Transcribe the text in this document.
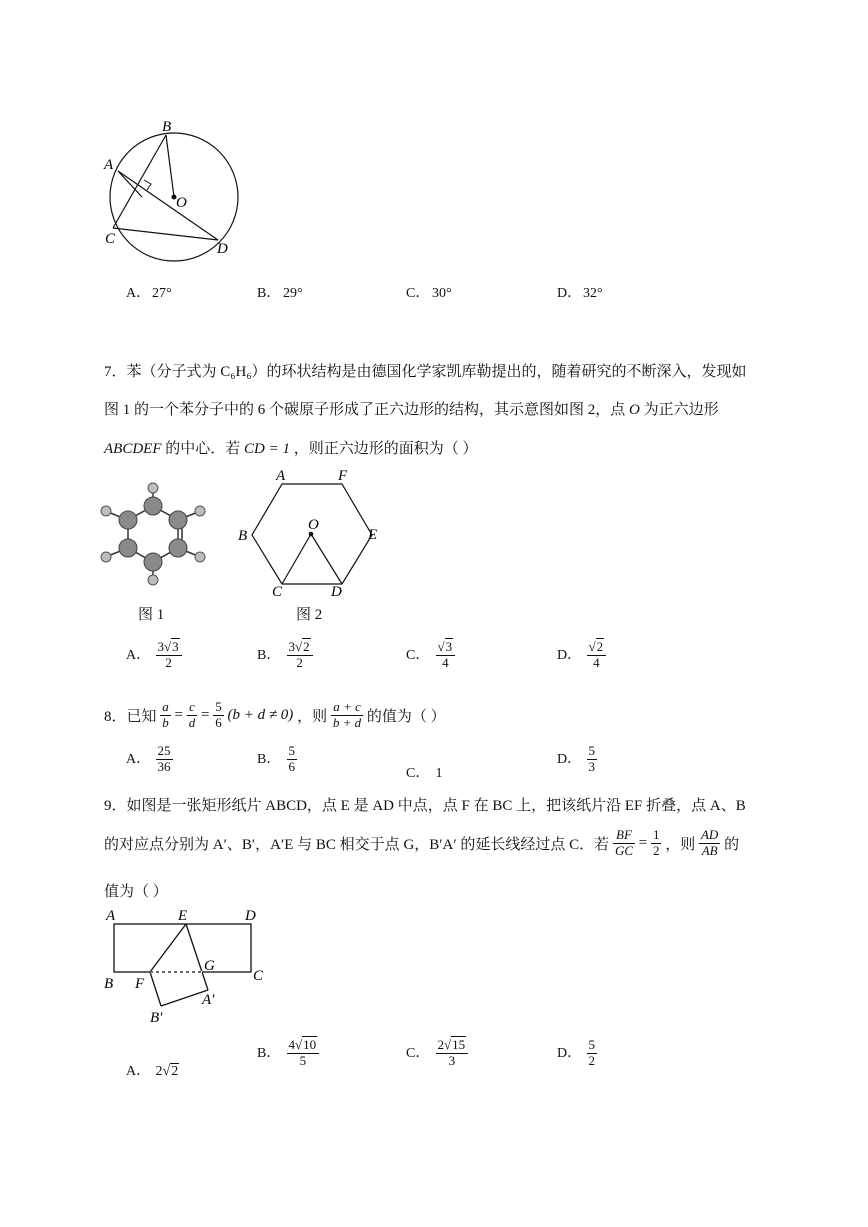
B
A
O
C
D
A． 27°	B． 29°	C． 30°	D． 32°
7．苯（分子式为 C₆H₆）的环状结构是由德国化学家凯库勒提出的，随着研究的不断深入，发现如
图 1 的一个苯分子中的 6 个碳原子形成了正六边形的结构，其示意图如图 2，点 O 为正六边形
ABCDEF 的中心．若 CD = 1 ，则正六边形的面积为（ ）
图 1
A	F
O
B	E
C	D
图 2
A． $\frac{3√3}{2}$	B． $\frac{3√2}{2}$	C． $\frac{√3}{4}$	D． $\frac{√2}{4}$
8．已知 $\frac{a}{b} = \frac{c}{d} = \frac{5}{6} (b + d \ne 0)$ ，则 $\frac{a + c}{b + d}$ 的值为（ ）
A． $\frac{25}{36}$	B． $\frac{5}{6}$	C． 1
D． $\frac{5}{3}$
9．如图是一张矩形纸片 ABCD，点 E 是 AD 中点，点 F 在 BC 上，把该纸片沿 EF 折叠，点 A、B
的对应点分别为 A′、B′，A′E 与 BC 相交于点 G，B′A′ 的延长线经过点 C．若 $\frac{BF}{GC} = \frac{1}{2}$ ，则 $\frac{AD}{AB}$ 的
值为（ ）
A	E	D
G
B F	C
A′
B′
A． 2√2
B． $\frac{4√10}{5}$	C． $\frac{2√15}{3}$	D． $\frac{5}{2}$
